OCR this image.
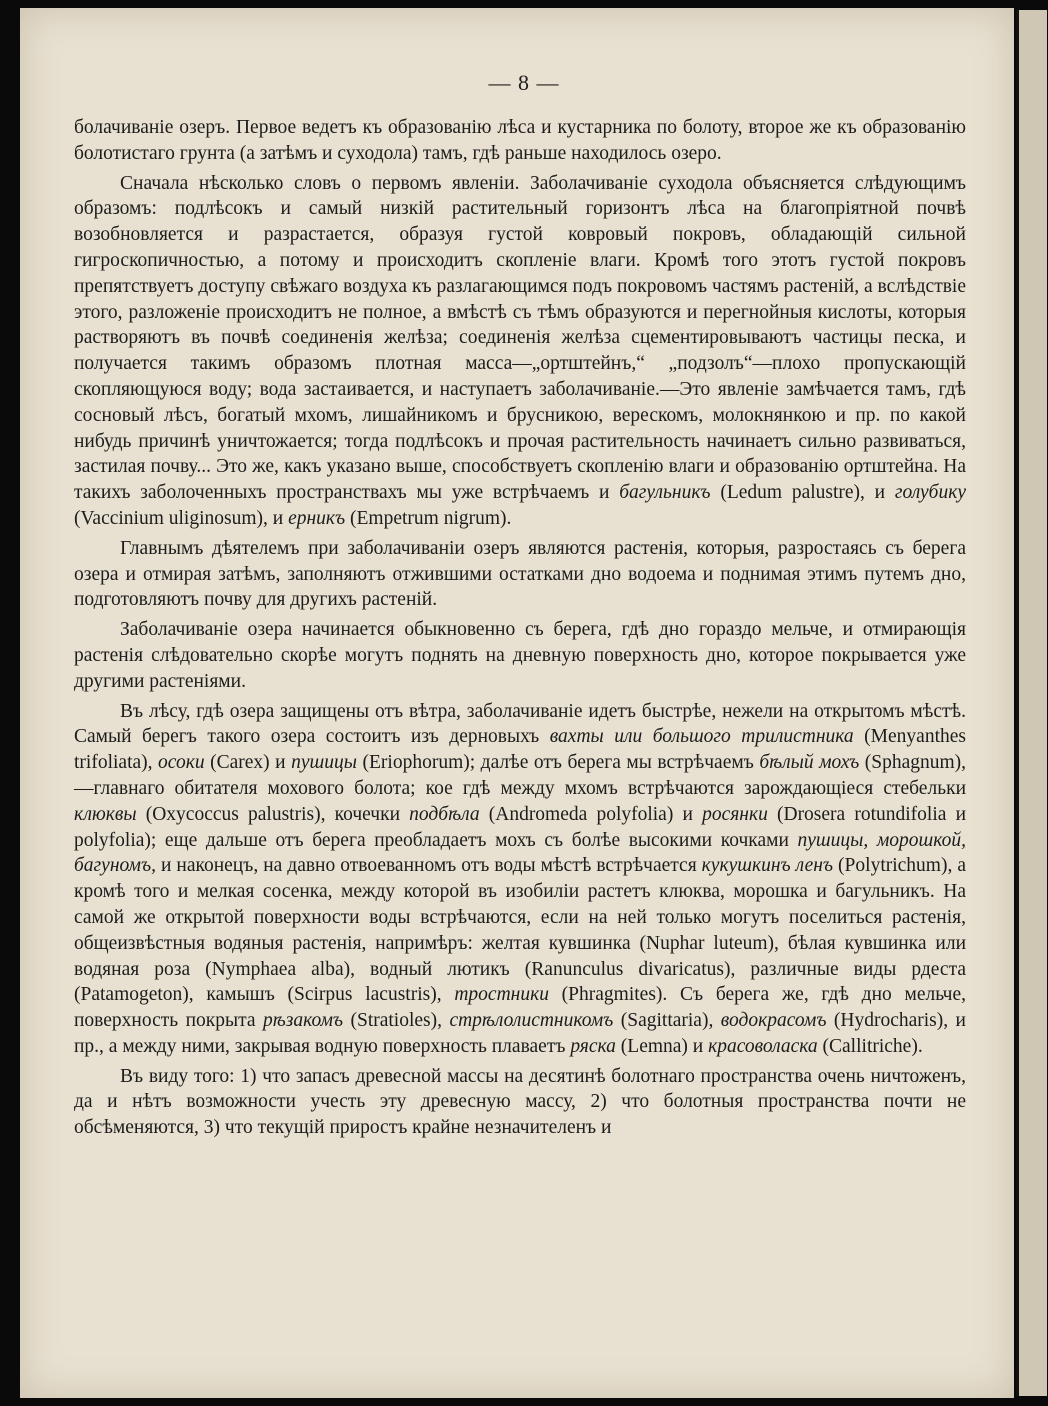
— 8 —

болачиваніе озеръ. Первое ведетъ къ образованію лѣса и кустарника по болоту, второе же къ образованію болотистаго грунта (а затѣмъ и суходола) тамъ, гдѣ раньше находилось озеро.

Сначала нѣсколько словъ о первомъ явленіи. Заболачиваніе суходола объясняется слѣдующимъ образомъ: подлѣсокъ и самый низкій растительный горизонтъ лѣса на благопріятной почвѣ возобновляется и разрастается, образуя густой ковровый покровъ, обладающій сильной гигроскопичностью, а потому и происходитъ скопленіе влаги. Кромѣ того этотъ густой покровъ препятствуетъ доступу свѣжаго воздуха къ разлагающимся подъ покровомъ частямъ растеній, а вслѣдствіе этого, разложеніе происходитъ не полное, а вмѣстѣ съ тѣмъ образуются и перегнойныя кислоты, которыя растворяютъ въ почвѣ соединенія желѣза; соединенія желѣза сцементировываютъ частицы песка, и получается такимъ образомъ плотная масса—„ортштейнъ,“ „подзолъ“—плохо пропускающій скопляющуюся воду; вода застаивается, и наступаетъ заболачиваніе.—Это явленіе замѣчается тамъ, гдѣ сосновый лѣсъ, богатый мхомъ, лишайникомъ и брусникою, верескомъ, молокнянкою и пр. по какой нибудь причинѣ уничтожается; тогда подлѣсокъ и прочая растительность начинаетъ сильно развиваться, застилая почву... Это же, какъ указано выше, способствуетъ скопленію влаги и образованію ортштейна. На такихъ заболоченныхъ пространствахъ мы уже встрѣчаемъ и багульникъ (Ledum palustre), и голубику (Vaccinium uliginosum), и ерникъ (Empetrum nigrum).

Главнымъ дѣятелемъ при заболачиваніи озеръ являются растенія, которыя, разростаясь съ берега озера и отмирая затѣмъ, заполняютъ отжившими остатками дно водоема и поднимая этимъ путемъ дно, подготовляютъ почву для другихъ растеній.

Заболачиваніе озера начинается обыкновенно съ берега, гдѣ дно гораздо мельче, и отмирающія растенія слѣдовательно скорѣе могутъ поднять на дневную поверхность дно, которое покрывается уже другими растеніями.

Въ лѣсу, гдѣ озера защищены отъ вѣтра, заболачиваніе идетъ быстрѣе, нежели на открытомъ мѣстѣ. Самый берегъ такого озера состоитъ изъ дерновыхъ вахты или большого трилистника (Menyanthes trifoliata), осоки (Carex) и пушицы (Eriophorum); далѣе отъ берега мы встрѣчаемъ бѣлый мохъ (Sphagnum),—главнаго обитателя мохового болота; кое гдѣ между мхомъ встрѣчаются зарождающіеся стебельки клюквы (Oxycoccus palustris), кочечки подбѣла (Andromeda polyfolia) и росянки (Drosera rotundifolia и polyfolia); еще дальше отъ берега преобладаетъ мохъ съ болѣе высокими кочками пушицы, морошкой, багуномъ, и наконецъ, на давно отвоеванномъ отъ воды мѣстѣ встрѣчается кукушкинъ ленъ (Polytrichum), а кромѣ того и мелкая сосенка, между которой въ изобиліи растетъ клюква, морошка и багульникъ. На самой же открытой поверхности воды встрѣчаются, если на ней только могутъ поселиться растенія, общеизвѣстныя водяныя растенія, напримѣръ: желтая кувшинка (Nuphar luteum), бѣлая кувшинка или водяная роза (Nymphaea alba), водный лютикъ (Ranunculus divaricatus), различные виды рдеста (Patamogeton), камышъ (Scirpus lacustris), тростники (Phragmites). Съ берега же, гдѣ дно мельче, поверхность покрыта рѣзакомъ (Stratioles), стрѣлолистникомъ (Sagittaria), водокрасомъ (Hydrocharis), и пр., а между ними, закрывая водную поверхность плаваетъ ряска (Lemna) и красоволаска (Callitriche).

Въ виду того: 1) что запасъ древесной массы на десятинѣ болотнаго пространства очень ничтоженъ, да и нѣтъ возможности учесть эту древесную массу, 2) что болотныя пространства почти не обсѣменяются, 3) что текущій приростъ крайне незначителенъ и
